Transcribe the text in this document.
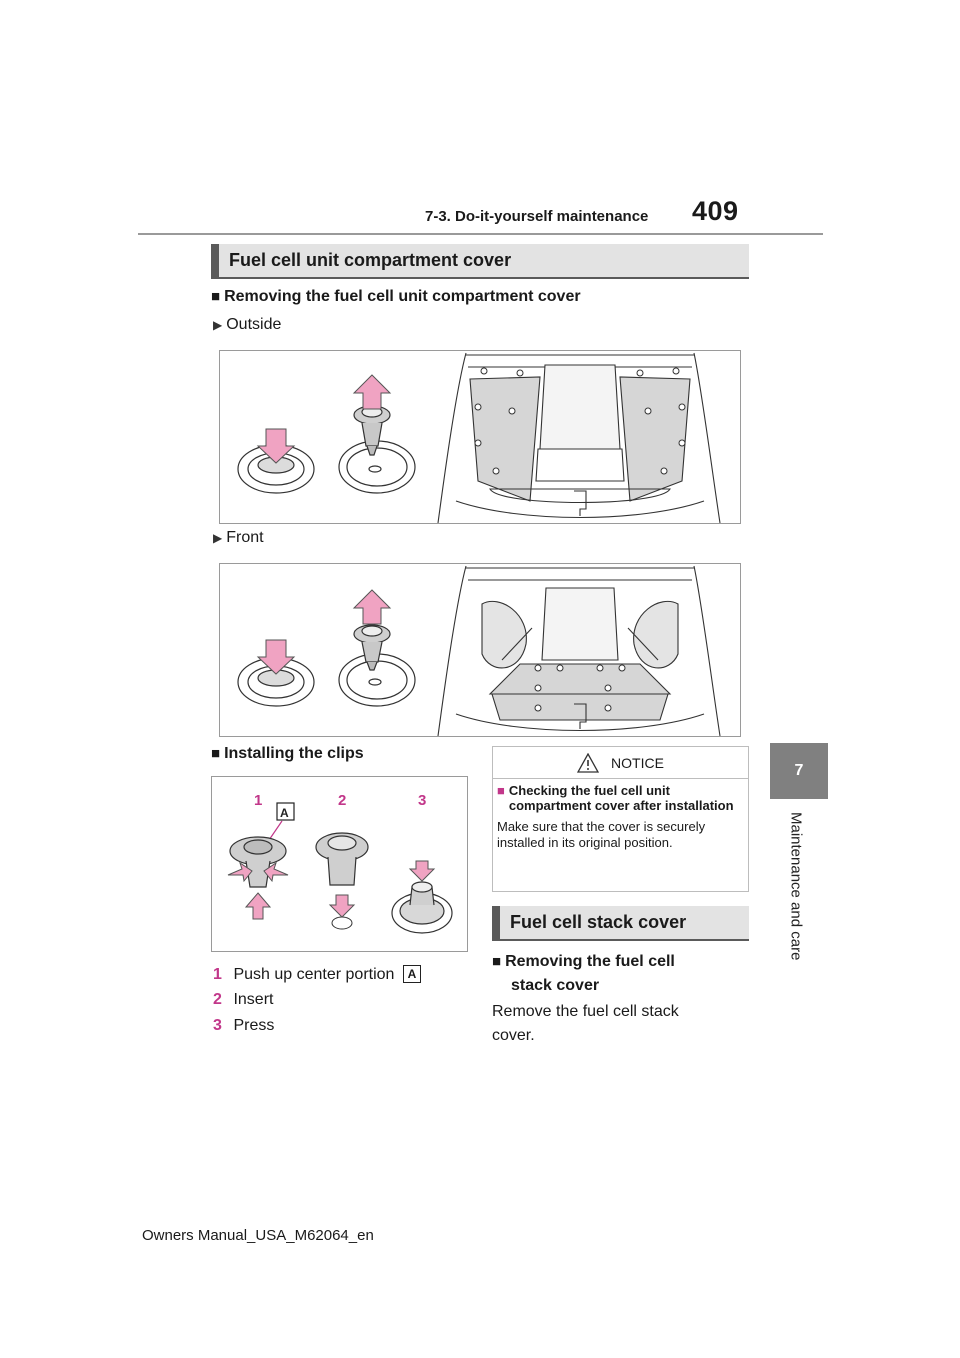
7-3. Do-it-yourself maintenance 409
7
Maintenance and care
Fuel cell unit compartment cover
■ Removing the fuel cell unit compartment cover
▶ Outside
▶ Front
■ Installing the clips
1	2	3
A
1 Push up center portion A
2 Insert
3 Press
NOTICE
■ Checking the fuel cell unit compartment cover after installation
Make sure that the cover is securely installed in its original position.
Fuel cell stack cover
■ Removing the fuel cell
stack cover
Remove the fuel cell stack
cover.
Owners Manual_USA_M62064_en
